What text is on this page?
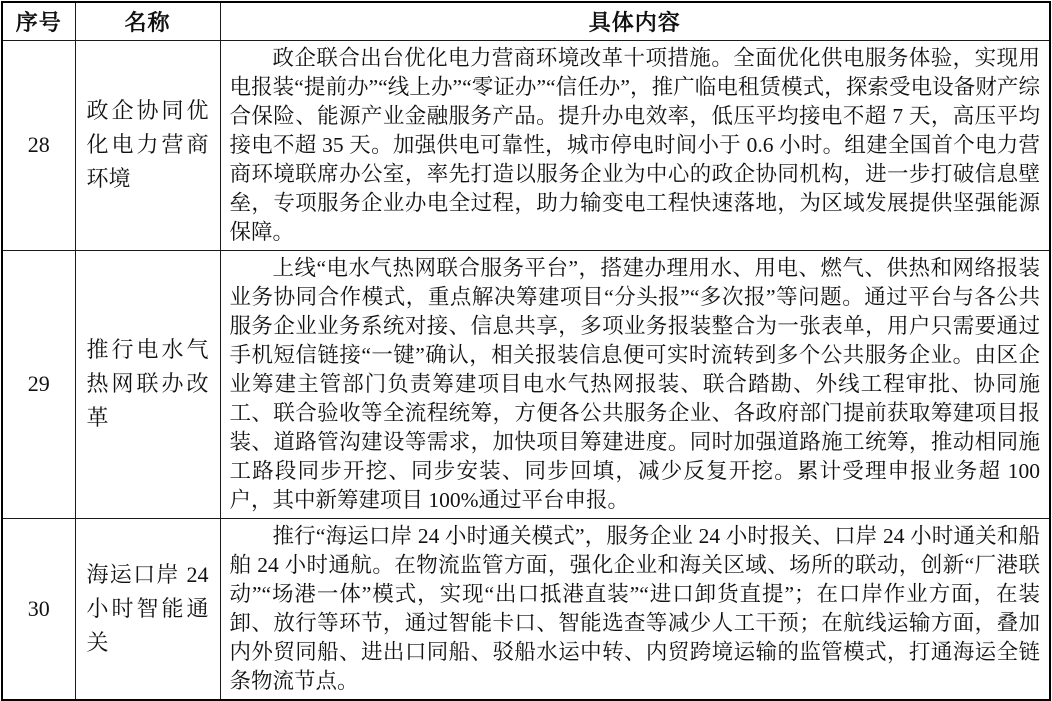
序号	名称	具体内容
28	政企协同优化电力营商环境	政企联合出台优化电力营商环境改革十项措施。全面优化供电服务体验，实现用电报装“提前办”“线上办”“零证办”“信任办”，推广临电租赁模式，探索受电设备财产综合保险、能源产业金融服务产品。提升办电效率，低压平均接电不超 7 天，高压平均接电不超 35 天。加强供电可靠性，城市停电时间小于 0.6 小时。组建全国首个电力营商环境联席办公室，率先打造以服务企业为中心的政企协同机构，进一步打破信息壁垒，专项服务企业办电全过程，助力输变电工程快速落地，为区域发展提供坚强能源保障。
29	推行电水气热网联办改革	上线“电水气热网联合服务平台”，搭建办理用水、用电、燃气、供热和网络报装业务协同合作模式，重点解决筹建项目“分头报”“多次报”等问题。通过平台与各公共服务企业业务系统对接、信息共享，多项业务报装整合为一张表单，用户只需要通过手机短信链接“一键”确认，相关报装信息便可实时流转到多个公共服务企业。由区企业筹建主管部门负责筹建项目电水气热网报装、联合踏勘、外线工程审批、协同施工、联合验收等全流程统筹，方便各公共服务企业、各政府部门提前获取筹建项目报装、道路管沟建设等需求，加快项目筹建进度。同时加强道路施工统筹，推动相同施工路段同步开挖、同步安装、同步回填，减少反复开挖。累计受理申报业务超 100 户，其中新筹建项目 100%通过平台申报。
30	海运口岸 24 小时智能通关	推行“海运口岸 24 小时通关模式”，服务企业 24 小时报关、口岸 24 小时通关和船舶 24 小时通航。在物流监管方面，强化企业和海关区域、场所的联动，创新“厂港联动”“场港一体”模式，实现“出口抵港直装”“进口卸货直提”；在口岸作业方面，在装卸、放行等环节，通过智能卡口、智能选查等减少人工干预；在航线运输方面，叠加内外贸同船、进出口同船、驳船水运中转、内贸跨境运输的监管模式，打通海运全链条物流节点。
